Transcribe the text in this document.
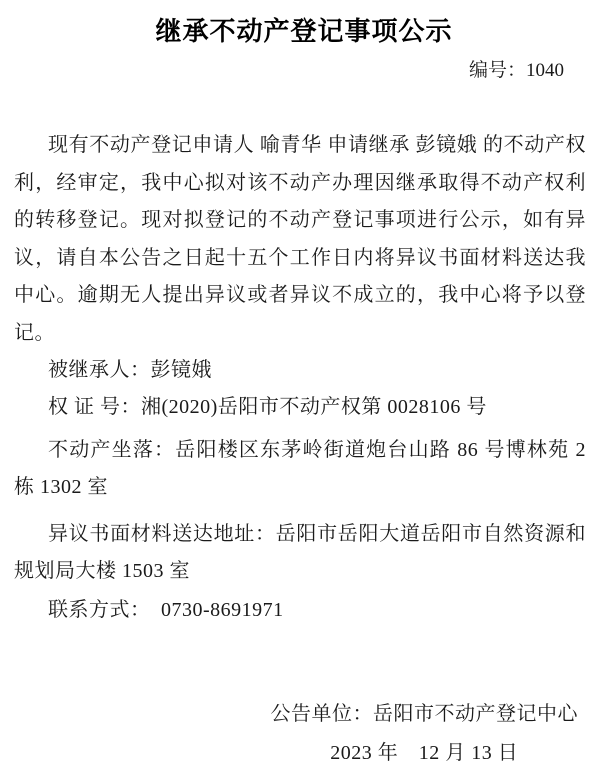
继承不动产登记事项公示
编号：1040

现有不动产登记申请人 喻青华 申请继承 彭镜娥 的不动产权利，经审定，我中心拟对该不动产办理因继承取得不动产权利的转移登记。现对拟登记的不动产登记事项进行公示，如有异议，请自本公告之日起十五个工作日内将异议书面材料送达我中心。逾期无人提出异议或者异议不成立的，我中心将予以登记。

被继承人：彭镜娥

权 证 号：湘(2020)岳阳市不动产权第 0028106 号

不动产坐落：岳阳楼区东茅岭街道炮台山路 86 号博林苑 2 栋 1302 室

异议书面材料送达地址：岳阳市岳阳大道岳阳市自然资源和规划局大楼 1503 室

联系方式：　0730-8691971

公告单位：岳阳市不动产登记中心
2023 年　12 月 13 日
